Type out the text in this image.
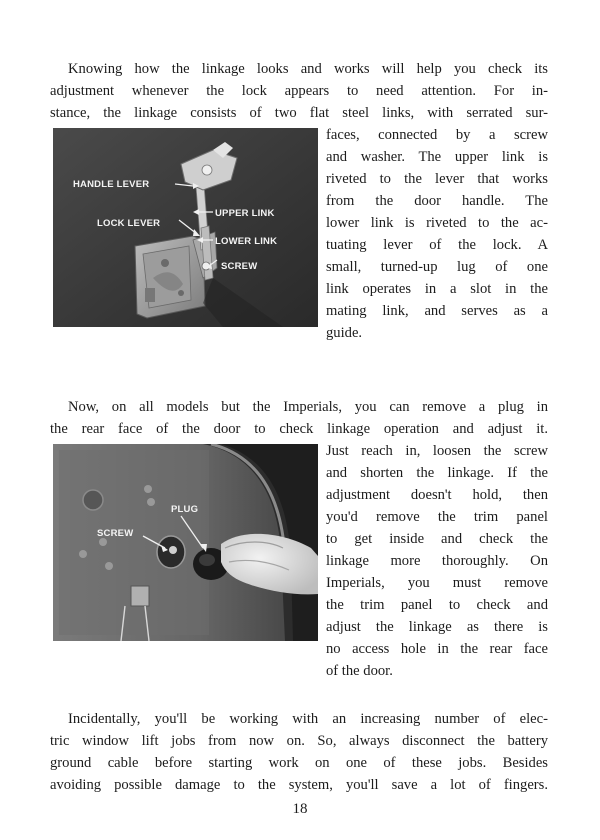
Knowing how the linkage looks and works will help you check its
adjustment whenever the lock appears to need attention. For in-
stance, the linkage consists of two flat steel links, with serrated sur-
faces, connected by a screw
and washer. The upper link is
riveted to the lever that works
from the door handle. The
lower link is riveted to the ac-
tuating lever of the lock. A
small, turned-up lug of one
link operates in a slot in the
mating link, and serves as a
guide.
HANDLE LEVER
UPPER LINK
LOCK LEVER
LOWER LINK
SCREW
Now, on all models but the Imperials, you can remove a plug in
the rear face of the door to check linkage operation and adjust it.
Just reach in, loosen the screw
and shorten the linkage. If the
adjustment doesn't hold, then
you'd remove the trim panel
to get inside and check the
linkage more thoroughly. On
Imperials, you must remove
the trim panel to check and
adjust the linkage as there is
no access hole in the rear face
of the door.
PLUG
SCREW
Incidentally, you'll be working with an increasing number of elec-
tric window lift jobs from now on. So, always disconnect the battery
ground cable before starting work on one of these jobs. Besides
avoiding possible damage to the system, you'll save a lot of fingers.
18
